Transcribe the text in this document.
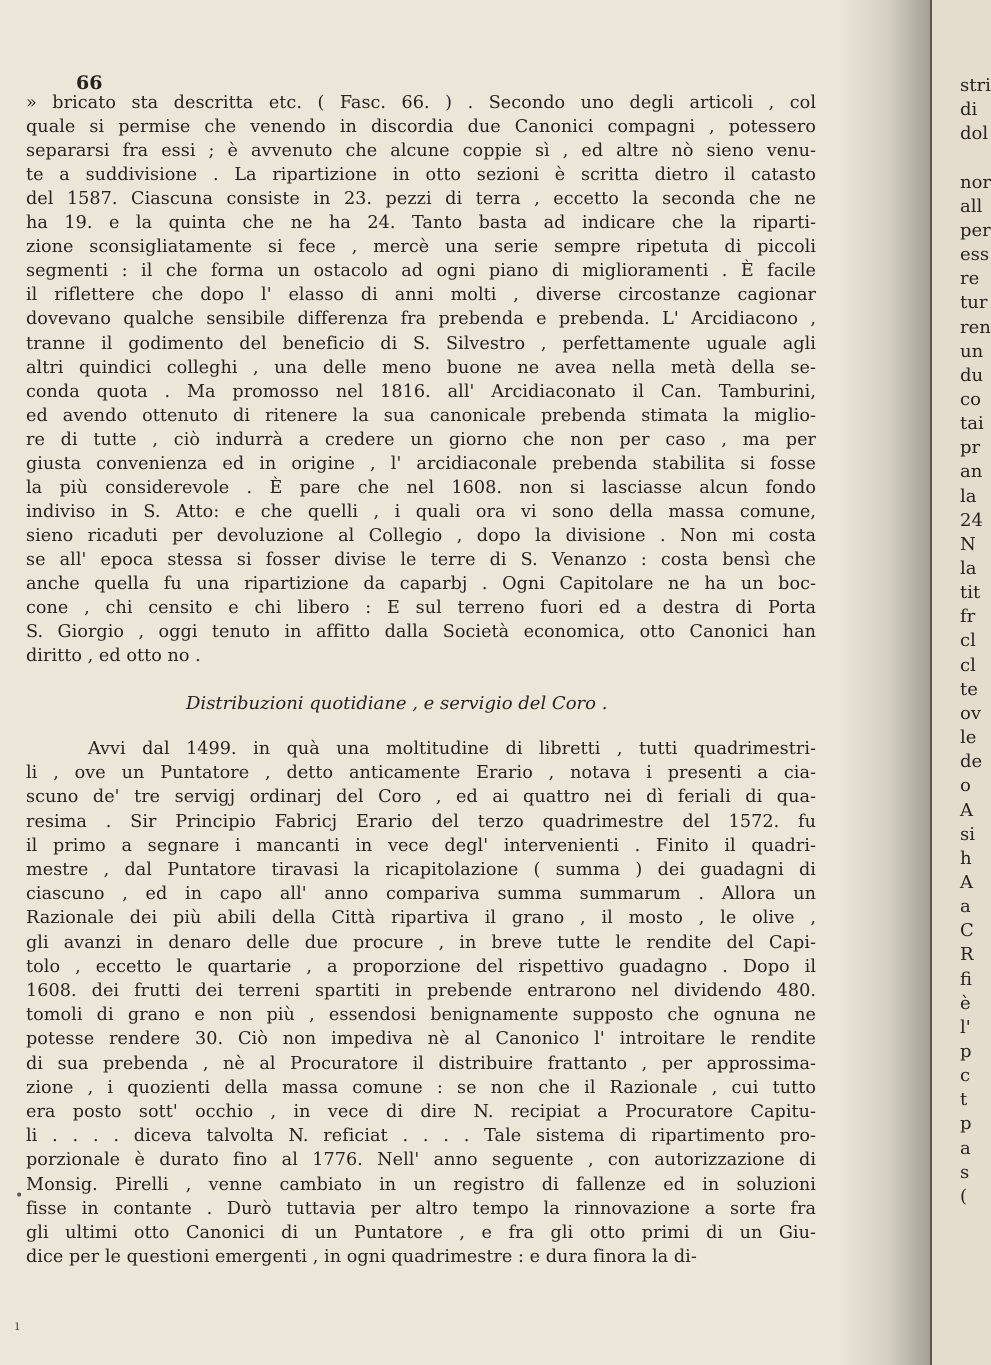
66
» bricato sta descritta etc. ( Fasc. 66. ) . Secondo uno degli articoli , col
quale si permise che venendo in discordia due Canonici compagni , potessero
separarsi fra essi ; è avvenuto che alcune coppie sì , ed altre nò sieno venu-
te a suddivisione . La ripartizione in otto sezioni è scritta dietro il catasto
del 1587. Ciascuna consiste in 23. pezzi di terra , eccetto la seconda che ne
ha 19. e la quinta che ne ha 24. Tanto basta ad indicare che la riparti-
zione sconsigliatamente si fece , mercè una serie sempre ripetuta di piccoli
segmenti : il che forma un ostacolo ad ogni piano di miglioramenti . È facile
il riflettere che dopo l' elasso di anni molti , diverse circostanze cagionar
dovevano qualche sensibile differenza fra prebenda e prebenda. L' Arcidiacono ,
tranne il godimento del beneficio di S. Silvestro , perfettamente uguale agli
altri quindici colleghi , una delle meno buone ne avea nella metà della se-
conda quota . Ma promosso nel 1816. all' Arcidiaconato il Can. Tamburini,
ed avendo ottenuto di ritenere la sua canonicale prebenda stimata la miglio-
re di tutte , ciò indurrà a credere un giorno che non per caso , ma per
giusta convenienza ed in origine , l' arcidiaconale prebenda stabilita si fosse
la più considerevole . È pare che nel 1608. non si lasciasse alcun fondo
indiviso in S. Atto: e che quelli , i quali ora vi sono della massa comune,
sieno ricaduti per devoluzione al Collegio , dopo la divisione . Non mi costa
se all' epoca stessa si fosser divise le terre di S. Venanzo : costa bensì che
anche quella fu una ripartizione da caparbj . Ogni Capitolare ne ha un boc-
cone , chi censito e chi libero : E sul terreno fuori ed a destra di Porta
S. Giorgio , oggi tenuto in affitto dalla Società economica, otto Canonici han
diritto , ed otto no .
Distribuzioni quotidiane , e servigio del Coro .
Avvi dal 1499. in quà una moltitudine di libretti , tutti quadrimestri-
li , ove un Puntatore , detto anticamente Erario , notava i presenti a cia-
scuno de' tre servigj ordinarj del Coro , ed ai quattro nei dì feriali di qua-
resima . Sir Principio Fabricj Erario del terzo quadrimestre del 1572. fu
il primo a segnare i mancanti in vece degl' intervenienti . Finito il quadri-
mestre , dal Puntatore tiravasi la ricapitolazione ( summa ) dei guadagni di
ciascuno , ed in capo all' anno compariva summa summarum . Allora un
Razionale dei più abili della Città ripartiva il grano , il mosto , le olive ,
gli avanzi in denaro delle due procure , in breve tutte le rendite del Capi-
tolo , eccetto le quartarie , a proporzione del rispettivo guadagno . Dopo il
1608. dei frutti dei terreni spartiti in prebende entrarono nel dividendo 480.
tomoli di grano e non più , essendosi benignamente supposto che ognuna ne
potesse rendere 30. Ciò non impediva nè al Canonico l' introitare le rendite
di sua prebenda , nè al Procuratore il distribuire frattanto , per approssima-
zione , i quozienti della massa comune : se non che il Razionale , cui tutto
era posto sott' occhio , in vece di dire N. recipiat a Procuratore Capitu-
li . . . . diceva talvolta N. reficiat . . . . Tale sistema di ripartimento pro-
porzionale è durato fino al 1776. Nell' anno seguente , con autorizzazione di
Monsig. Pirelli , venne cambiato in un registro di fallenze ed in soluzioni
fisse in contante . Durò tuttavia per altro tempo la rinnovazione a sorte fra
gli ultimi otto Canonici di un Puntatore , e fra gli otto primi di un Giu-
dice per le questioni emergenti , in ogni quadrimestre : e dura finora la di-
•
ı
stri
di
dol
nor
all
per
ess
re
tur
ren
un
du
co
tai
pr
an
la
24
N
la
tit
fr
cl
cl
te
ov
le
de
o
A
si
h
A
a
C
R
fi
è
l'
p
c
t
p
a
s
(
